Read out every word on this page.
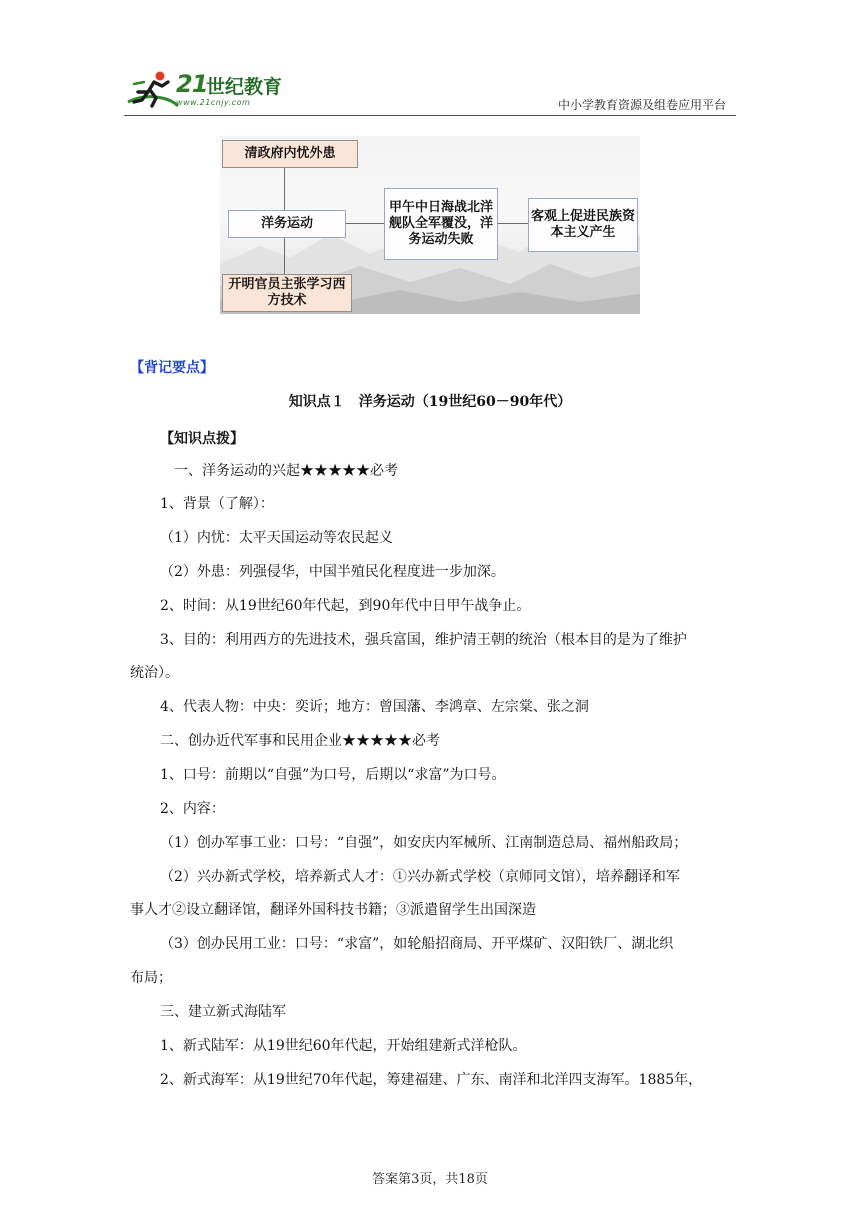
21
世纪教育
www.21cnjy.com	中小学教育资源及组卷应用平台
清政府内忧外患
洋务运动
开明官员主张学习西方技术
甲午中日海战北洋舰队全军覆没，洋务运动失败
客观上促进民族资本主义产生
【背记要点】
知识点１　洋务运动（19世纪60－90年代）
【知识点拨】
一、洋务运动的兴起★★★★★必考
1、背景（了解）：
（1）内忧：太平天国运动等农民起义
（2）外患：列强侵华，中国半殖民化程度进一步加深。
2、时间：从19世纪60年代起，到90年代中日甲午战争止。
3、目的：利用西方的先进技术，强兵富国，维护清王朝的统治（根本目的是为了维护
统治）。
4、代表人物：中央：奕䜣；地方：曾国藩、李鸿章、左宗棠、张之洞
二、创办近代军事和民用企业★★★★★必考
1、口号：前期以“自强”为口号，后期以“求富”为口号。
2、内容：
（1）创办军事工业：口号：“自强”，如安庆内军械所、江南制造总局、福州船政局；
（2）兴办新式学校，培养新式人才：①兴办新式学校（京师同文馆），培养翻译和军
事人才②设立翻译馆，翻译外国科技书籍；③派遣留学生出国深造
（3）创办民用工业：口号：“求富”，如轮船招商局、开平煤矿、汉阳铁厂、湖北织
布局；
三、建立新式海陆军
1、新式陆军：从19世纪60年代起，开始组建新式洋枪队。
2、新式海军：从19世纪70年代起，筹建福建、广东、南洋和北洋四支海军。1885年，
答案第3页，共18页
